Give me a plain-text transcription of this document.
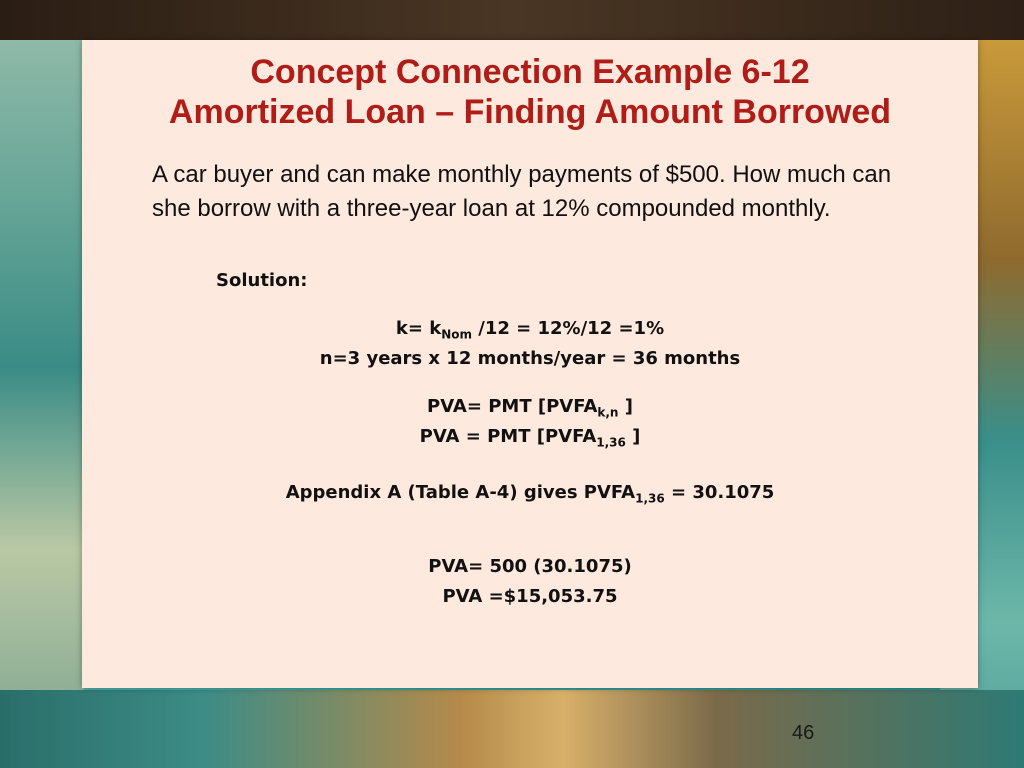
Concept Connection Example 6-12
Amortized Loan – Finding Amount Borrowed
A car buyer and can make monthly payments of $500. How much can she borrow with a three-year loan at 12% compounded monthly.
Solution:
$k= k_{Nom}$ /12 = 12%/12 =1%
n=3 years x 12 months/year = 36 months
PVA= PMT [$PVFA_{k,n}$ ]
PVA = PMT [$PVFA_{1,36}$ ]
Appendix A (Table A-4) gives $PVFA_{1,36} = 30.1075$
PVA= 500 (30.1075)
PVA =$15,053.75
46
